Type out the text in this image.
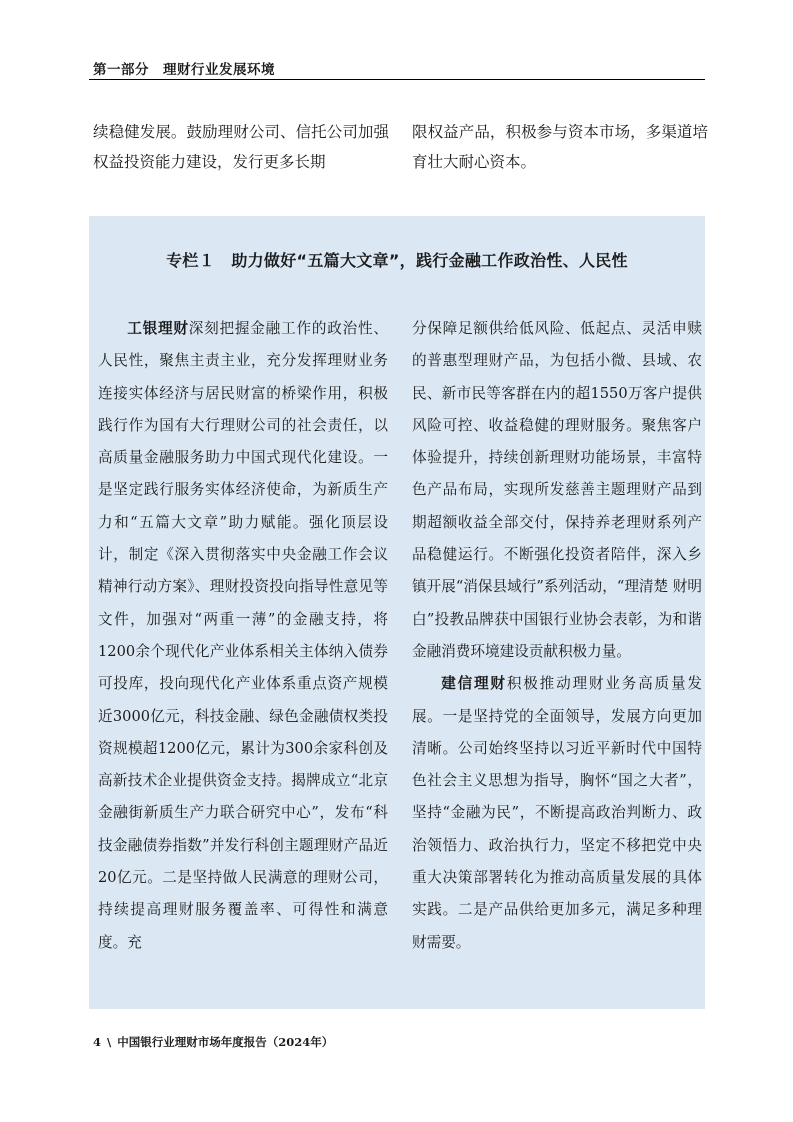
第一部分　理财行业发展环境

续稳健发展。鼓励理财公司、信托公司加强权益投资能力建设，发行更多长期

限权益产品，积极参与资本市场，多渠道培育壮大耐心资本。

专栏１　助力做好“五篇大文章”，践行金融工作政治性、人民性

工银理财深刻把握金融工作的政治性、人民性，聚焦主责主业，充分发挥理财业务连接实体经济与居民财富的桥梁作用，积极践行作为国有大行理财公司的社会责任，以高质量金融服务助力中国式现代化建设。一是坚定践行服务实体经济使命，为新质生产力和“五篇大文章”助力赋能。强化顶层设计，制定《深入贯彻落实中央金融工作会议精神行动方案》、理财投资投向指导性意见等文件，加强对“两重一薄”的金融支持，将1200余个现代化产业体系相关主体纳入债券可投库，投向现代化产业体系重点资产规模近3000亿元，科技金融、绿色金融债权类投资规模超1200亿元，累计为300余家科创及高新技术企业提供资金支持。揭牌成立“北京金融街新质生产力联合研究中心”，发布“科技金融债券指数”并发行科创主题理财产品近20亿元。二是坚持做人民满意的理财公司，持续提高理财服务覆盖率、可得性和满意度。充

分保障足额供给低风险、低起点、灵活申赎的普惠型理财产品，为包括小微、县域、农民、新市民等客群在内的超1550万客户提供风险可控、收益稳健的理财服务。聚焦客户体验提升，持续创新理财功能场景，丰富特色产品布局，实现所发慈善主题理财产品到期超额收益全部交付，保持养老理财系列产品稳健运行。不断强化投资者陪伴，深入乡镇开展“消保县域行”系列活动，“理清楚 财明白”投教品牌获中国银行业协会表彰，为和谐金融消费环境建设贡献积极力量。

建信理财积极推动理财业务高质量发展。一是坚持党的全面领导，发展方向更加清晰。公司始终坚持以习近平新时代中国特色社会主义思想为指导，胸怀“国之大者”，坚持“金融为民”，不断提高政治判断力、政治领悟力、政治执行力，坚定不移把党中央重大决策部署转化为推动高质量发展的具体实践。二是产品供给更加多元，满足多种理财需要。

4 \ 中国银行业理财市场年度报告（2024年）
